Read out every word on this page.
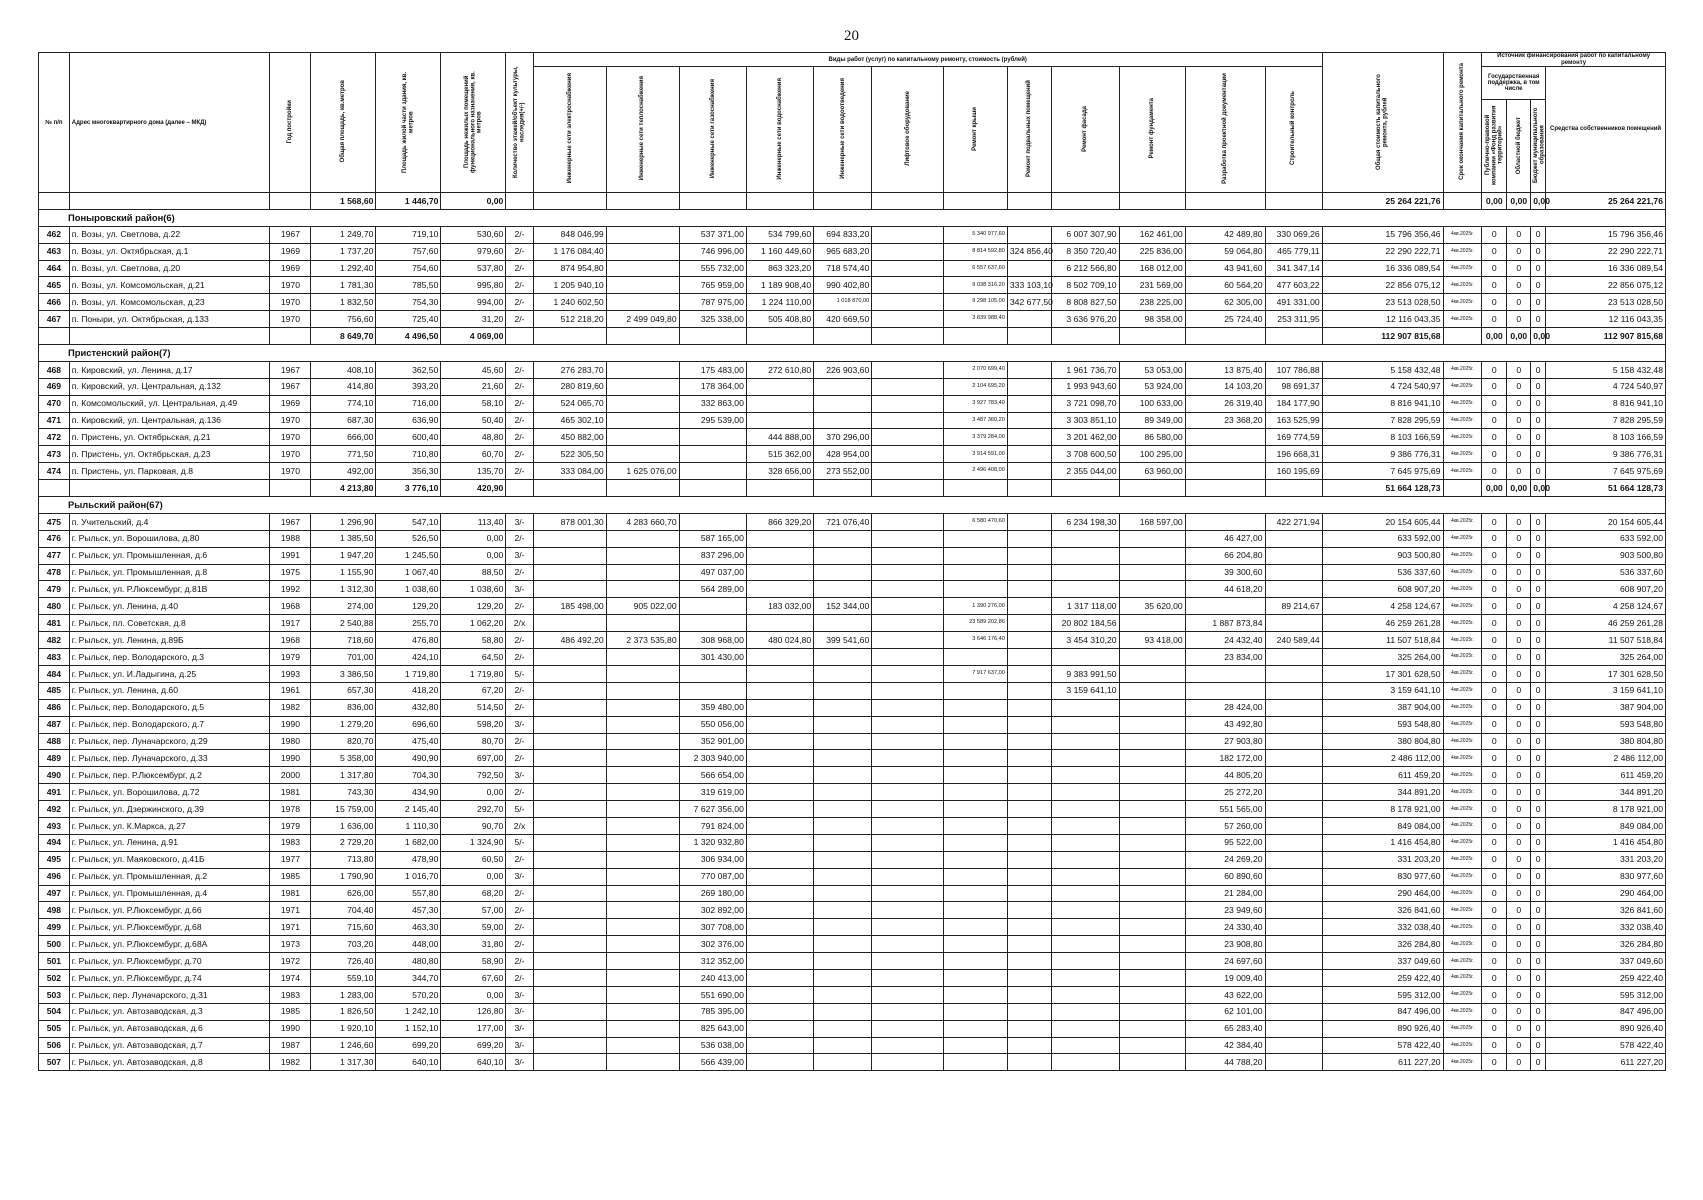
20
№ п/п	Адрес многоквартирного дома (далее – МКД)	Год постройки	Общая площадь, кв.метров	Площадь жилой части здания, кв. метров	Площадь нежилых помещений функционального назначения, кв. метров	Количество этажей/объект культуры, наследия(+/-)	Виды работ (услуг) по капитальному ремонту, стоимость (рублей)												Общая стоимость капитального ремонта, рублей	Срок окончания капитального ремонта	Источник финансирования работ по капитальному ремонту			
							Инженерные сети электроснабжения	Инженерные сети теплоснабжения	Инженерные сети газоснабжения	Инженерные сети водоснабжения	Инженерные сети водоотведения	Лифтовое оборудование	Ремонт крыши	Ремонт подвальных помещений	Ремонт фасада	Ремонт фундамента	Разработка проектной документации	Строительный контроль			Государственная поддержка, в том числе			Средства собственников помещений
																					Публично-правовой компании «Фонд развития территорий»	Областной бюджет	Бюджет муниципального образования	
			1 568,60	1 446,70	0,00														25 264 221,76		0,00	0,00	0,00	25 264 221,76
Поныровский район(6)																								
462	п. Возы, ул. Светлова, д.22	1967	1 249,70	719,10	530,60	2/-	848 046,99		537 371,00	534 799,60	694 833,20		5 340 977,60		6 007 307,90	162 461,00	42 489,80	330 069,26	15 796 356,46	4кв.2025г.	0	0	0	15 796 356,46
463	п. Возы, ул. Октябрьская, д.1	1969	1 737,20	757,60	979,60	2/-	1 176 084,40		746 996,00	1 160 449,60	965 683,20		8 814 592,80	324 856,40	8 350 720,40	225 836,00	59 064,80	465 779,11	22 290 222,71	4кв.2025г.	0	0	0	22 290 222,71
464	п. Возы, ул. Светлова, д.20	1969	1 292,40	754,60	537,80	2/-	874 954,80		555 732,00	863 323,20	718 574,40		6 557 637,60		6 212 566,80	168 012,00	43 941,60	341 347,14	16 336 089,54	4кв.2025г.	0	0	0	16 336 089,54
465	п. Возы, ул. Комсомольская, д.21	1970	1 781,30	785,50	995,80	2/-	1 205 940,10		765 959,00	1 189 908,40	990 402,80		9 038 316,20	333 103,10	8 502 709,10	231 569,00	60 564,20	477 603,22	22 856 075,12	4кв.2025г.	0	0	0	22 856 075,12
466	п. Возы, ул. Комсомольская, д.23	1970	1 832,50	754,30	994,00	2/-	1 240 602,50		787 975,00	1 224 110,00	1 018 870,00		9 298 105,00	342 677,50	8 808 827,50	238 225,00	62 305,00	491 331,00	23 513 028,50	4кв.2025г.	0	0	0	23 513 028,50
467	п. Поныри, ул. Октябрьская, д.133	1970	756,60	725,40	31,20	2/-	512 218,20	2 499 049,80	325 338,00	505 408,80	420 669,50		3 839 988,40		3 636 976,20	98 358,00	25 724,40	253 311,95	12 116 043,35	4кв.2025г.	0	0	0	12 116 043,35
			8 649,70	4 496,50	4 069,00														112 907 815,68		0,00	0,00	0,00	112 907 815,68
Пристенский район(7)																								
468	п. Кировский, ул. Ленина, д.17	1967	408,10	362,50	45,60	2/-	276 283,70		175 483,00	272 610,80	226 903,60		2 070 699,40		1 961 736,70	53 053,00	13 875,40	107 786,88	5 158 432,48	4кв.2025г.	0	0	0	5 158 432,48
469	п. Кировский, ул. Центральная, д.132	1967	414,80	393,20	21,60	2/-	280 819,60		178 364,00				2 104 695,20		1 993 943,60	53 924,00	14 103,20	98 691,37	4 724 540,97	4кв.2025г.	0	0	0	4 724 540,97
470	п. Комсомольский, ул. Центральная, д.49	1969	774,10	716,00	58,10	2/-	524 065,70		332 863,00				3 927 783,40		3 721 098,70	100 633,00	26 319,40	184 177,90	8 816 941,10	4кв.2025г.	0	0	0	8 816 941,10
471	п. Кировский, ул. Центральная, д.136	1970	687,30	636,90	50,40	2/-	465 302,10		295 539,00				3 487 360,20		3 303 851,10	89 349,00	23 368,20	163 525,99	7 828 295,59	4кв.2025г.	0	0	0	7 828 295,59
472	п. Пристень, ул. Октябрьская, д.21	1970	666,00	600,40	48,80	2/-	450 882,00			444 888,00	370 296,00		3 379 284,00		3 201 462,00	86 580,00		169 774,59	8 103 166,59	4кв.2025г.	0	0	0	8 103 166,59
473	п. Пристень, ул. Октябрьская, д.23	1970	771,50	710,80	60,70	2/-	522 305,50			515 362,00	428 954,00		3 914 591,00		3 708 600,50	100 295,00		196 668,31	9 386 776,31	4кв.2025г.	0	0	0	9 386 776,31
474	п. Пристень, ул. Парковая, д.8	1970	492,00	356,30	135,70	2/-	333 084,00	1 625 076,00		328 656,00	273 552,00		2 496 408,00		2 355 044,00	63 960,00		160 195,69	7 645 975,69	4кв.2025г.	0	0	0	7 645 975,69
			4 213,80	3 776,10	420,90														51 664 128,73		0,00	0,00	0,00	51 664 128,73
Рыльский район(67)																								
475	п. Учительский, д.4	1967	1 296,90	547,10	113,40	3/-	878 001,30	4 283 660,70		866 329,20	721 076,40		6 580 470,60		6 234 198,30	168 597,00		422 271,94	20 154 605,44	4кв.2025г.	0	0	0	20 154 605,44
476	г. Рыльск, ул. Ворошилова, д.80	1988	1 385,50	526,50	0,00	2/-			587 165,00								46 427,00		633 592,00	4кв.2025г.	0	0	0	633 592,00
477	г. Рыльск, ул. Промышленная, д.6	1991	1 947,20	1 245,50	0,00	3/-			837 296,00								66 204,80		903 500,80	4кв.2025г.	0	0	0	903 500,80
478	г. Рыльск, ул. Промышленная, д.8	1975	1 155,90	1 067,40	88,50	2/-			497 037,00								39 300,60		536 337,60	4кв.2025г.	0	0	0	536 337,60
479	г. Рыльск, ул. Р.Люксембург, д.81В	1992	1 312,30	1 038,60	1 038,60	3/-			564 289,00								44 618,20		608 907,20	4кв.2025г.	0	0	0	608 907,20
480	г. Рыльск, ул. Ленина, д.40	1968	274,00	129,20	129,20	2/-	185 498,00	905 022,00		183 032,00	152 344,00		1 390 276,00		1 317 118,00	35 620,00		89 214,67	4 258 124,67	4кв.2025г.	0	0	0	4 258 124,67
481	г. Рыльск, пл. Советская, д.8	1917	2 540,88	255,70	1 062,20	2/x							23 589 202,86		20 802 184,56		1 887 873,84		46 259 261,28	4кв.2025г.	0	0	0	46 259 261,28
482	г. Рыльск, ул. Ленина, д.89Б	1968	718,60	476,80	58,80	2/-	486 492,20	2 373 535,80	308 968,00	480 024,80	399 541,60		3 646 176,40		3 454 310,20	93 418,00	24 432,40	240 589,44	11 507 518,84	4кв.2025г.	0	0	0	11 507 518,84
483	г. Рыльск, пер. Володарского, д.3	1979	701,00	424,10	64,50	2/-			301 430,00								23 834,00		325 264,00	4кв.2025г.	0	0	0	325 264,00
484	г. Рыльск, ул. И.Ладыгина, д.25	1993	3 386,50	1 719,80	1 719,80	5/-							7 917 637,00		9 383 991,50				17 301 628,50	4кв.2025г.	0	0	0	17 301 628,50
485	г. Рыльск, ул. Ленина, д.60	1961	657,30	418,20	67,20	2/-									3 159 641,10				3 159 641,10	4кв.2025г.	0	0	0	3 159 641,10
486	г. Рыльск, пер. Володарского, д.5	1982	836,00	432,80	514,50	2/-			359 480,00								28 424,00		387 904,00	4кв.2025г.	0	0	0	387 904,00
487	г. Рыльск, пер. Володарского, д.7	1990	1 279,20	696,60	598,20	3/-			550 056,00								43 492,80		593 548,80	4кв.2025г.	0	0	0	593 548,80
488	г. Рыльск, пер. Луначарского, д.29	1980	820,70	475,40	80,70	2/-			352 901,00								27 903,80		380 804,80	4кв.2025г.	0	0	0	380 804,80
489	г. Рыльск, пер. Луначарского, д.33	1990	5 358,00	490,90	697,00	2/-			2 303 940,00								182 172,00		2 486 112,00	4кв.2025г.	0	0	0	2 486 112,00
490	г. Рыльск, пер. Р.Люксембург, д.2	2000	1 317,80	704,30	792,50	3/-			566 654,00								44 805,20		611 459,20	4кв.2025г.	0	0	0	611 459,20
491	г. Рыльск, ул. Ворошилова, д.72	1981	743,30	434,90	0,00	2/-			319 619,00								25 272,20		344 891,20	4кв.2025г.	0	0	0	344 891,20
492	г. Рыльск, ул. Дзержинского, д.39	1978	15 759,00	2 145,40	292,70	5/-			7 627 356,00								551 565,00		8 178 921,00	4кв.2025г.	0	0	0	8 178 921,00
493	г. Рыльск, ул. К.Маркса, д.27	1979	1 636,00	1 110,30	90,70	2/x			791 824,00								57 260,00		849 084,00	4кв.2025г.	0	0	0	849 084,00
494	г. Рыльск, ул. Ленина, д.91	1983	2 729,20	1 682,00	1 324,90	5/-			1 320 932,80								95 522,00		1 416 454,80	4кв.2025г.	0	0	0	1 416 454,80
495	г. Рыльск, ул. Маяковского, д.41Б	1977	713,80	478,90	60,50	2/-			306 934,00								24 269,20		331 203,20	4кв.2025г.	0	0	0	331 203,20
496	г. Рыльск, ул. Промышленная, д.2	1985	1 790,90	1 016,70	0,00	3/-			770 087,00								60 890,60		830 977,60	4кв.2025г.	0	0	0	830 977,60
497	г. Рыльск, ул. Промышленная, д.4	1981	626,00	557,80	68,20	2/-			269 180,00								21 284,00		290 464,00	4кв.2025г.	0	0	0	290 464,00
498	г. Рыльск, ул. Р.Люксембург, д.66	1971	704,40	457,30	57,00	2/-			302 892,00								23 949,60		326 841,60	4кв.2025г.	0	0	0	326 841,60
499	г. Рыльск, ул. Р.Люксембург, д.68	1971	715,60	463,30	59,00	2/-			307 708,00								24 330,40		332 038,40	4кв.2025г.	0	0	0	332 038,40
500	г. Рыльск, ул. Р.Люксембург, д.68А	1973	703,20	448,00	31,80	2/-			302 376,00								23 908,80		326 284,80	4кв.2025г.	0	0	0	326 284,80
501	г. Рыльск, ул. Р.Люксембург, д.70	1972	726,40	480,80	58,90	2/-			312 352,00								24 697,60		337 049,60	4кв.2025г.	0	0	0	337 049,60
502	г. Рыльск, ул. Р.Люксембург, д.74	1974	559,10	344,70	67,60	2/-			240 413,00								19 009,40		259 422,40	4кв.2025г.	0	0	0	259 422,40
503	г. Рыльск, пер. Луначарского, д.31	1983	1 283,00	570,20	0,00	3/-			551 690,00								43 622,00		595 312,00	4кв.2025г.	0	0	0	595 312,00
504	г. Рыльск, ул. Автозаводская, д.3	1985	1 826,50	1 242,10	126,80	3/-			785 395,00								62 101,00		847 496,00	4кв.2025г.	0	0	0	847 496,00
505	г. Рыльск, ул. Автозаводская, д.6	1990	1 920,10	1 152,10	177,00	3/-			825 643,00								65 283,40		890 926,40	4кв.2025г.	0	0	0	890 926,40
506	г. Рыльск, ул. Автозаводская, д.7	1987	1 246,60	699,20	699,20	3/-			536 038,00								42 384,40		578 422,40	4кв.2025г.	0	0	0	578 422,40
507	г. Рыльск, ул. Автозаводская, д.8	1982	1 317,30	640,10	640,10	3/-			566 439,00								44 788,20		611 227,20	4кв.2025г.	0	0	0	611 227,20
